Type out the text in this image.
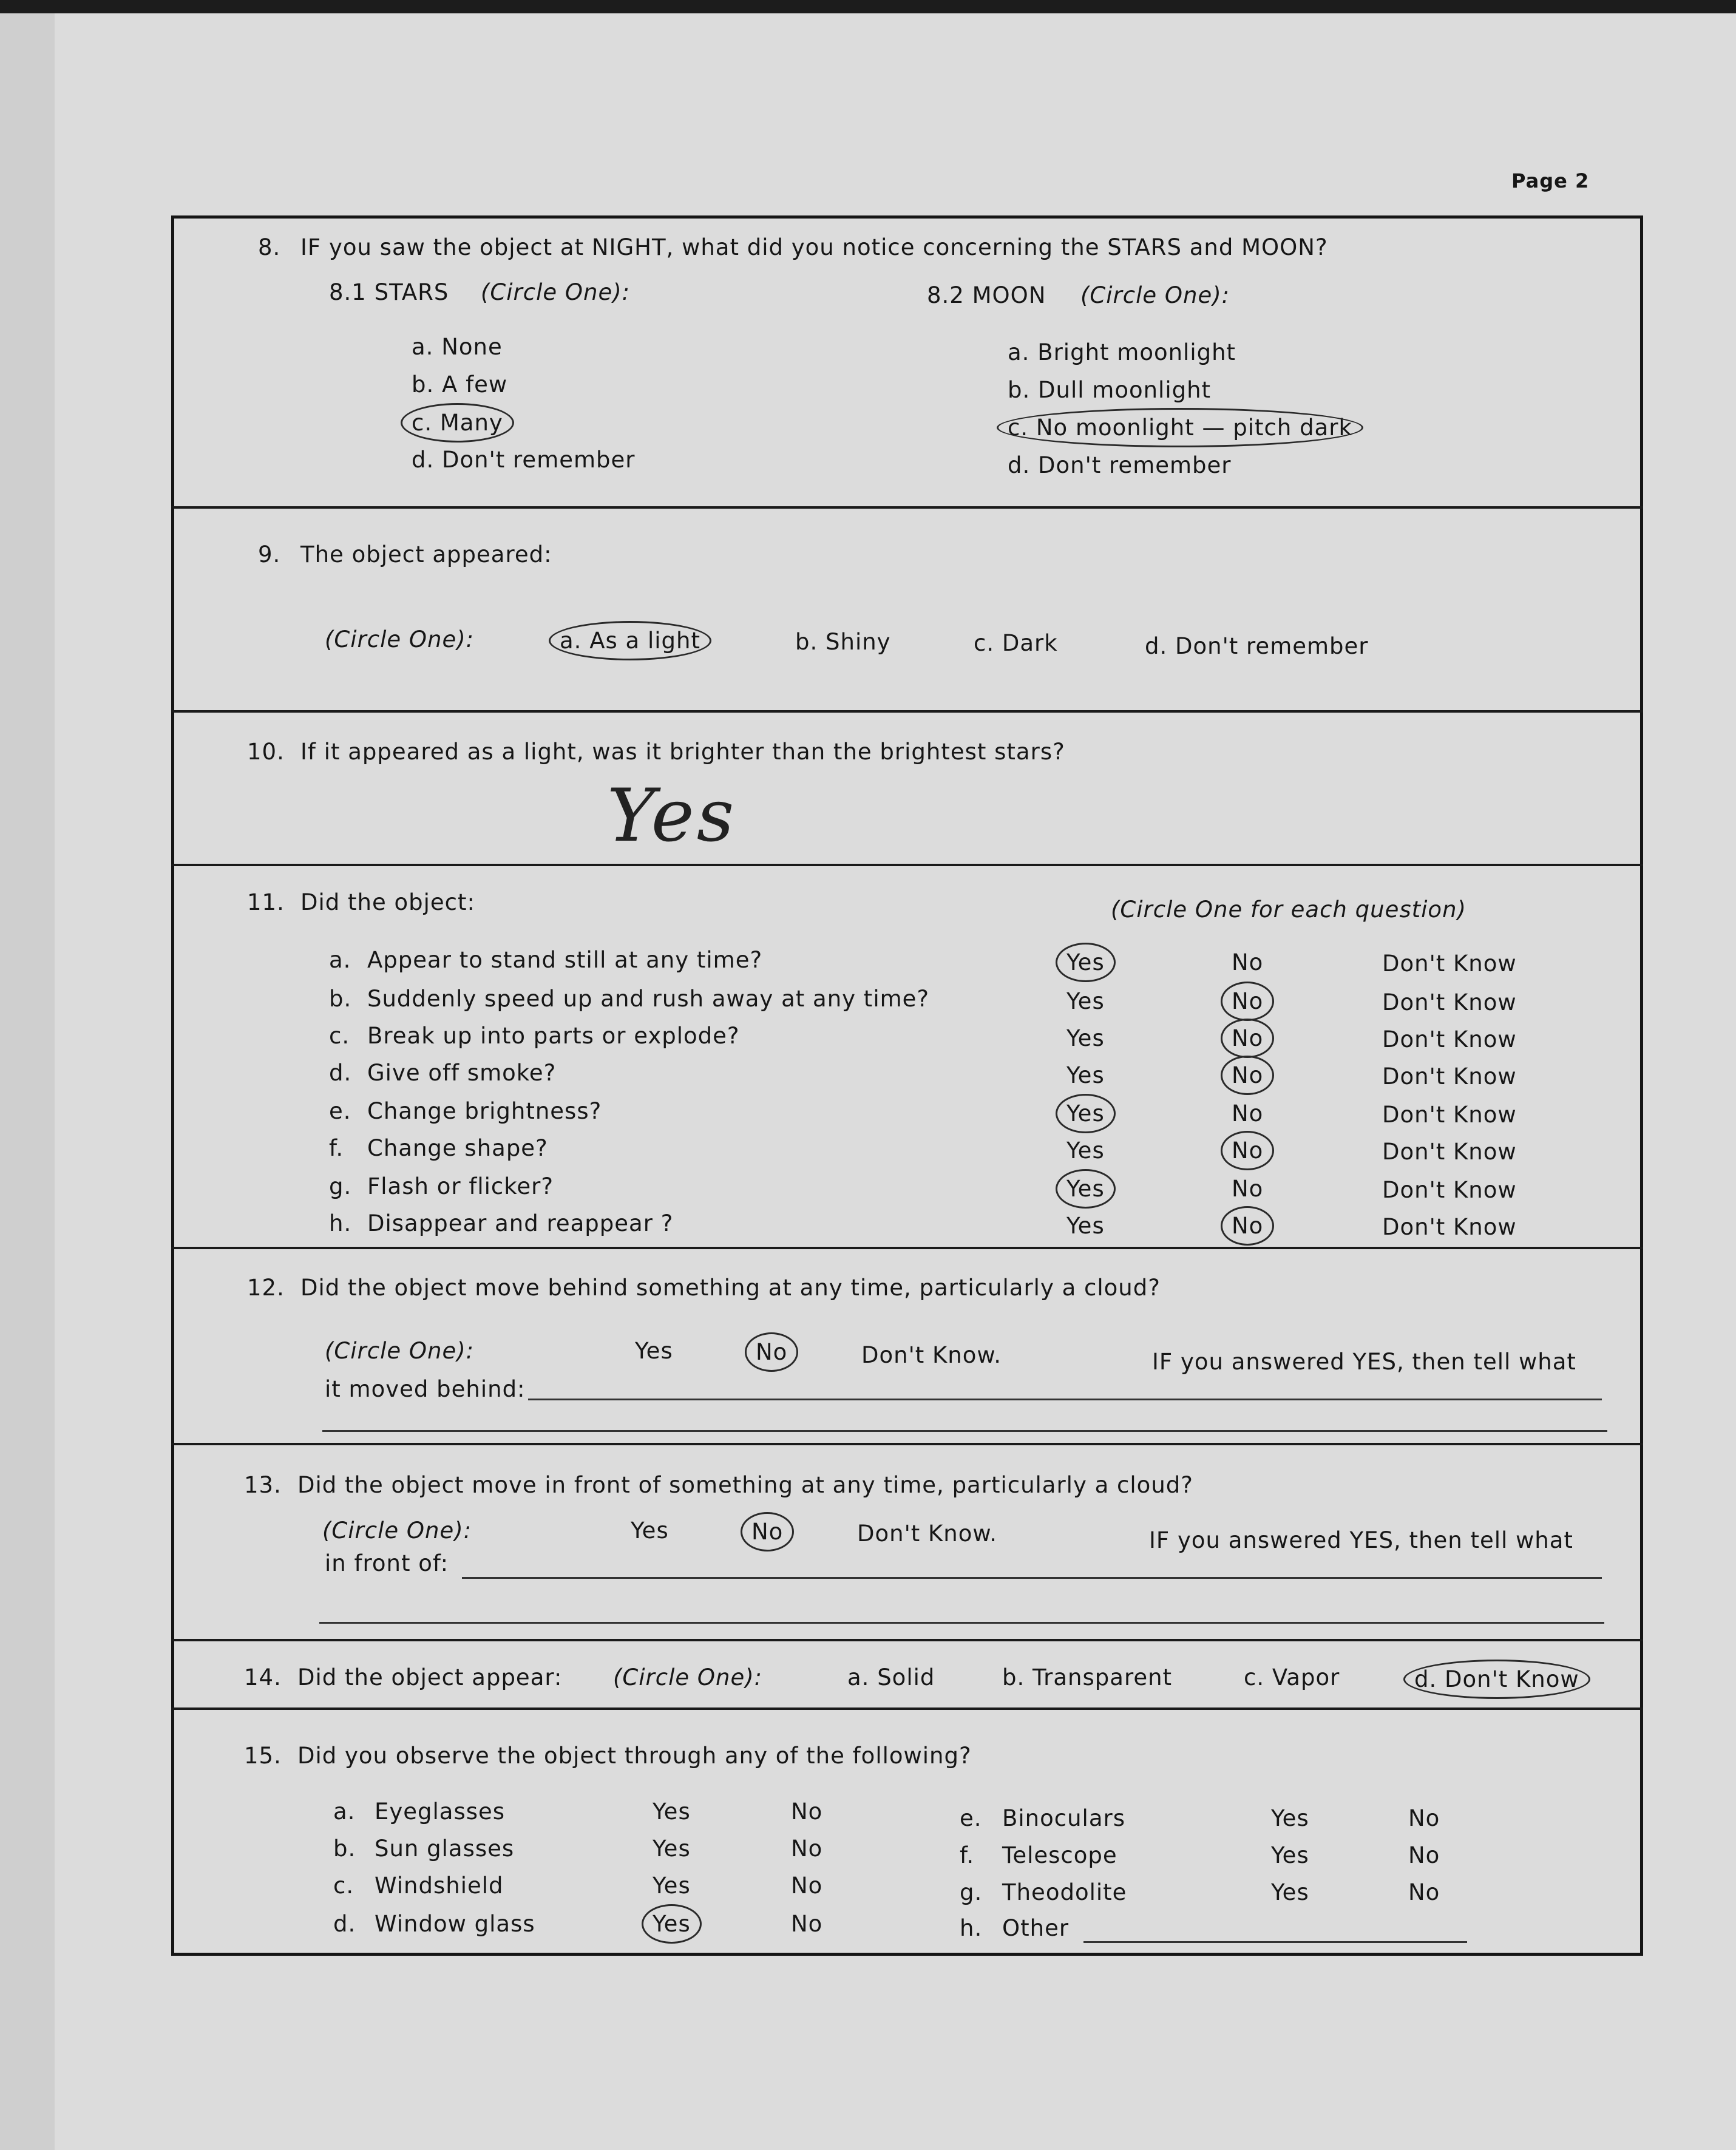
Page 2
8. IF you saw the object at NIGHT, what did you notice concerning the STARS and MOON?
8.1 STARS (Circle One):	8.2 MOON (Circle One):
a. None
b. A few
c. Many
d. Don't remember
a. Bright moonlight
b. Dull moonlight
c. No moonlight — pitch dark
d. Don't remember
9. The object appeared:
(Circle One):	a. As a light	b. Shiny	c. Dark	d. Don't remember
10. If it appeared as a light, was it brighter than the brightest stars?
Yes
11. Did the object:	(Circle One for each question)
12. Did the object move behind something at any time, particularly a cloud?
(Circle One):	Yes	No	Don't Know.	IF you answered YES, then tell what
it moved behind:
13. Did the object move in front of something at any time, particularly a cloud?
(Circle One):	Yes	No	Don't Know.	IF you answered YES, then tell what
in front of:
14. Did the object appear: (Circle One):	a. Solid	b. Transparent	c. Vapor	d. Don't Know
15. Did you observe the object through any of the following?
a. Appear to stand still at any time?	Yes	No	Don't Know
b. Suddenly speed up and rush away at any time?	Yes	No	Don't Know
c. Break up into parts or explode?	Yes	No	Don't Know
d. Give off smoke?	Yes	No	Don't Know
e. Change brightness?	Yes	No	Don't Know
f. Change shape?	Yes	No	Don't Know
g. Flash or flicker?	Yes	No	Don't Know
h. Disappear and reappear ?	Yes	No	Don't Know
a. Eyeglasses	Yes	No
b. Sun glasses	Yes	No
c. Windshield	Yes	No
d. Window glass	Yes	No
e. Binoculars	Yes	No
f. Telescope	Yes	No
g. Theodolite	Yes	No
h. Other
